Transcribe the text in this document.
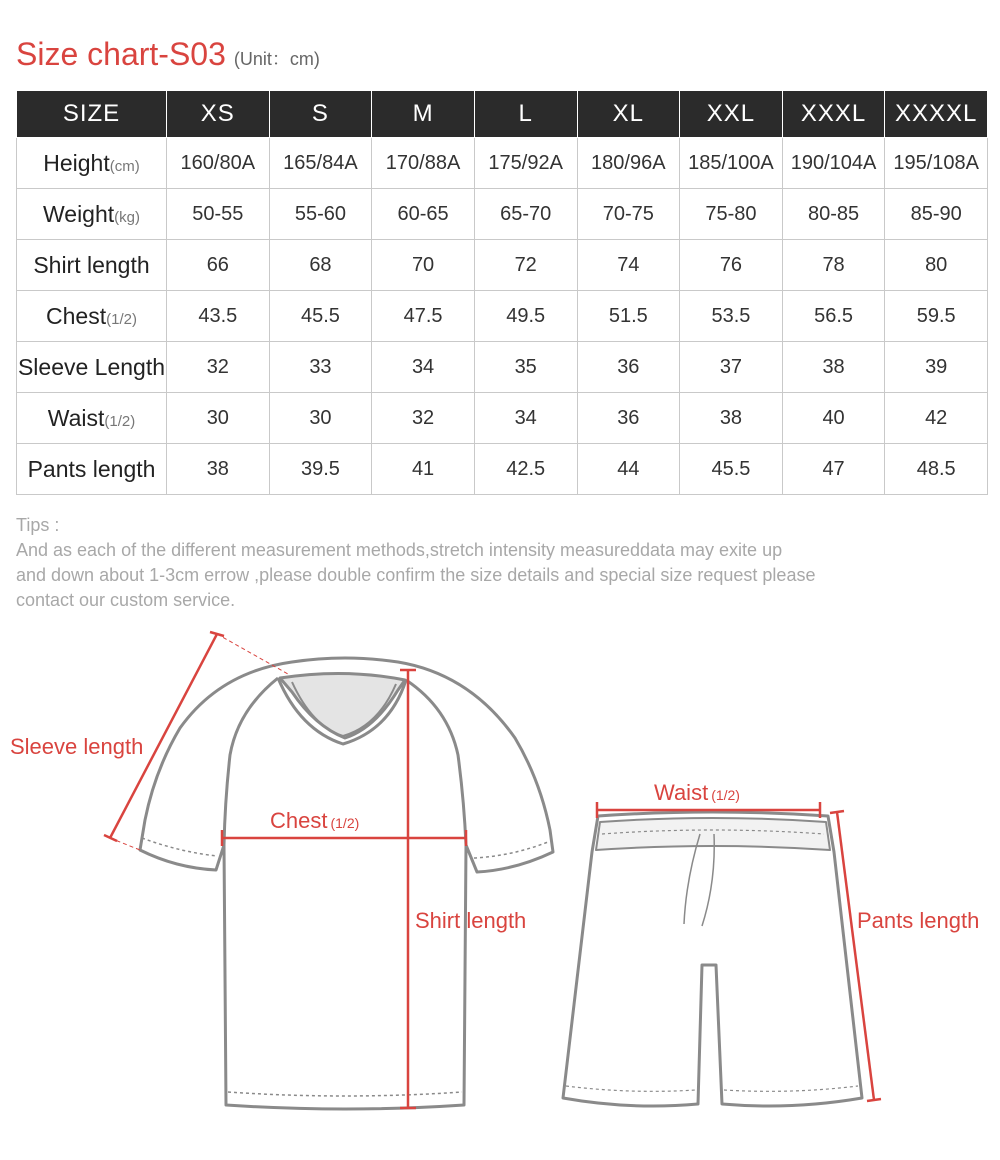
Size chart-S03 (Unit：cm)
SIZE	XS	S	M	L	XL	XXL	XXXL	XXXXL
Height(cm)	160/80A	165/84A	170/88A	175/92A	180/96A	185/100A	190/104A	195/108A
Weight(kg)	50-55	55-60	60-65	65-70	70-75	75-80	80-85	85-90
Shirt length	66	68	70	72	74	76	78	80
Chest(1/2)	43.5	45.5	47.5	49.5	51.5	53.5	56.5	59.5
Sleeve Length	32	33	34	35	36	37	38	39
Waist(1/2)	30	30	32	34	36	38	40	42
Pants length	38	39.5	41	42.5	44	45.5	47	48.5

Tips :

And as each of the different measurement methods,stretch intensity measureddata may exite up

and down about 1-3cm errow ,please double confirm the size details and special size request please

contact our custom service.

Sleeve length
Chest (1/2)
Shirt length
Waist (1/2)
Pants length
